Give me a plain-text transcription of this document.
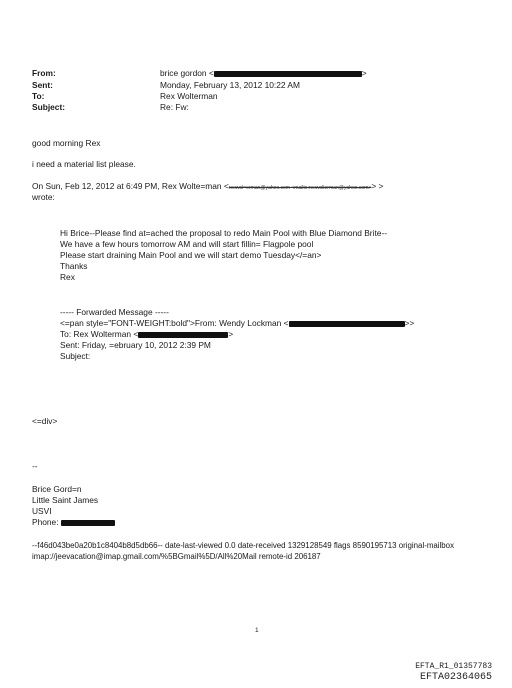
From:	brice gordon <	>
Sent:	Monday, February 13, 2012 10:22 AM
To:	Rex Wolterman
Subject:	Re: Fw:
good morning Rex
i need a material list please.
On Sun, Feb 12, 2012 at 6:49 PM, Rex Wolte=man <rexwol=erman@yahoo.com <mailto:rexwolterman@yahoo.com>> >
wrote:
Hi Brice--Please find at=ached the proposal to redo Main Pool with Blue Diamond Brite--
We have a few hours tomorrow AM and will start fillin= Flagpole pool
Please start draining Main Pool and we will start demo Tuesday</=an>
Thanks
Rex
----- Forwarded Message -----
<=pan style="FONT-WEIGHT:bold">From: Wendy Lockman <	>>
To: Rex Wolterman <	>
Sent: Friday, =ebruary 10, 2012 2:39 PM
Subject:
<=div>
--
Brice Gord=n
Little Saint James
USVI
Phone:
--f46d043be0a20b1c8404b8d5db66-- date-last-viewed 0.0 date-received 1329128549 flags 8590195713 original-mailbox
imap://jeevacation@imap.gmail.com/%5BGmail%5D/All%20Mail remote-id 206187
1
EFTA_R1_01357783
EFTA02364065
